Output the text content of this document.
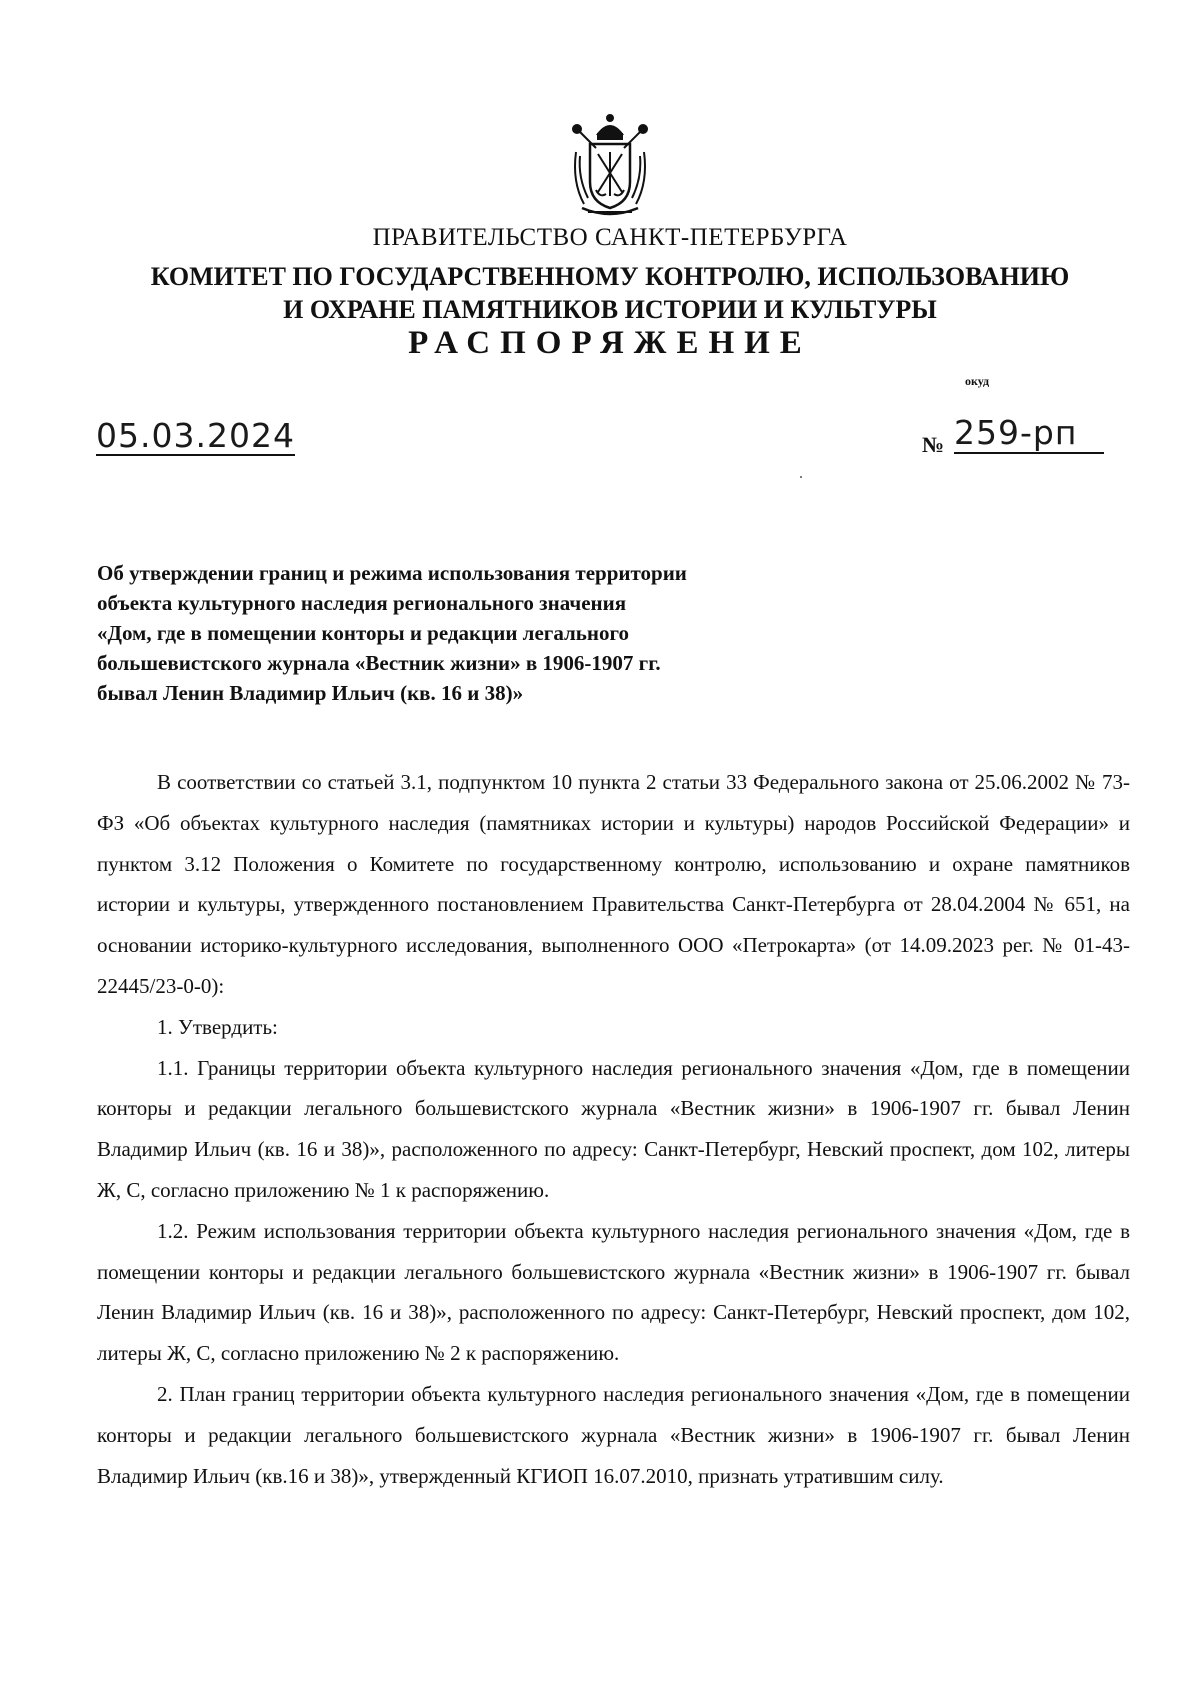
ПРАВИТЕЛЬСТВО САНКТ-ПЕТЕРБУРГА
КОМИТЕТ ПО ГОСУДАРСТВЕННОМУ КОНТРОЛЮ, ИСПОЛЬЗОВАНИЮ
И ОХРАНЕ ПАМЯТНИКОВ ИСТОРИИ И КУЛЬТУРЫ
РАСПОРЯЖЕНИЕ
окуд
05.03.2024	№ 259-рп
Об утверждении границ и режима использования территории
объекта культурного наследия регионального значения
«Дом, где в помещении конторы и редакции легального
большевистского журнала «Вестник жизни» в 1906-1907 гг.
бывал Ленин Владимир Ильич (кв. 16 и 38)»

В соответствии со статьей 3.1, подпунктом 10 пункта 2 статьи 33 Федерального закона от 25.06.2002 № 73-ФЗ «Об объектах культурного наследия (памятниках истории и культуры) народов Российской Федерации» и пунктом 3.12 Положения о Комитете по государственному контролю, использованию и охране памятников истории и культуры, утвержденного постановлением Правительства Санкт-Петербурга от 28.04.2004 № 651, на основании историко-культурного исследования, выполненного ООО «Петрокарта» (от 14.09.2023 рег. № 01-43-22445/23-0-0):

1. Утвердить:

1.1. Границы территории объекта культурного наследия регионального значения «Дом, где в помещении конторы и редакции легального большевистского журнала «Вестник жизни» в 1906-1907 гг. бывал Ленин Владимир Ильич (кв. 16 и 38)», расположенного по адресу: Санкт-Петербург, Невский проспект, дом 102, литеры Ж, С, согласно приложению № 1 к распоряжению.

1.2. Режим использования территории объекта культурного наследия регионального значения «Дом, где в помещении конторы и редакции легального большевистского журнала «Вестник жизни» в 1906-1907 гг. бывал Ленин Владимир Ильич (кв. 16 и 38)», расположенного по адресу: Санкт-Петербург, Невский проспект, дом 102, литеры Ж, С, согласно приложению № 2 к распоряжению.

2. План границ территории объекта культурного наследия регионального значения «Дом, где в помещении конторы и редакции легального большевистского журнала «Вестник жизни» в 1906-1907 гг. бывал Ленин Владимир Ильич (кв.16 и 38)», утвержденный КГИОП 16.07.2010, признать утратившим силу.
